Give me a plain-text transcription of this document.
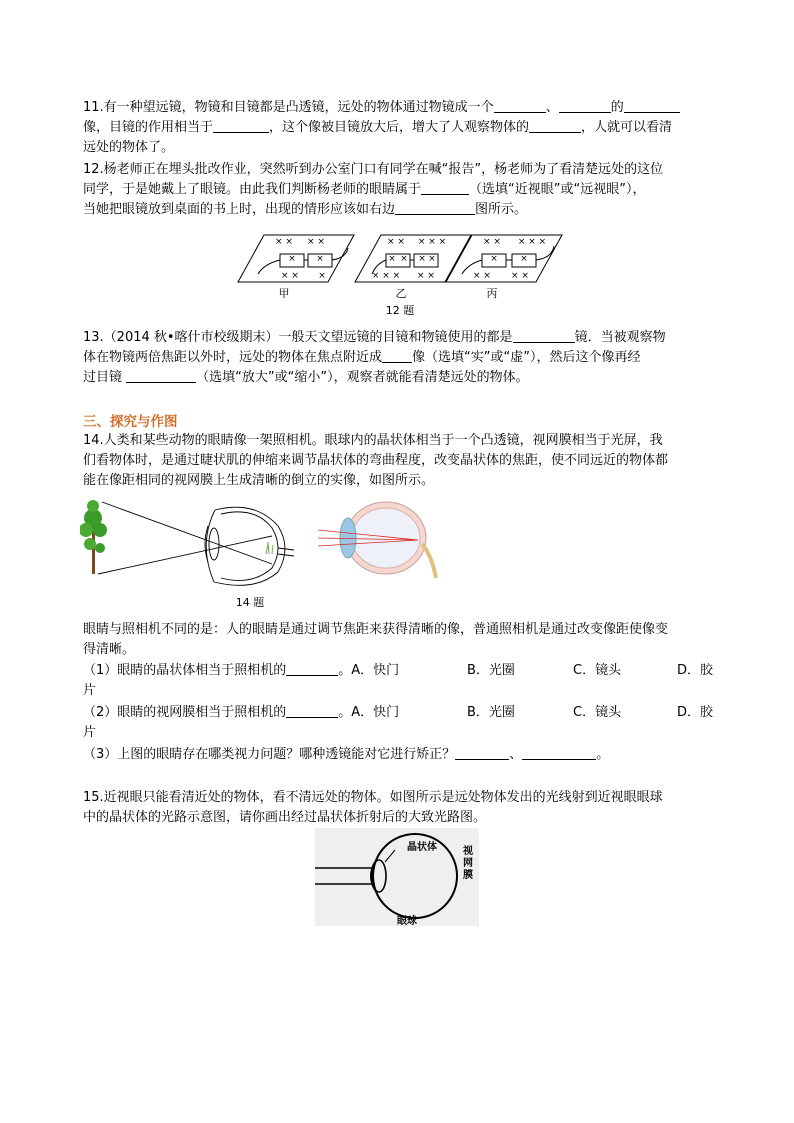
11.有一种望远镜，物镜和目镜都是凸透镜，远处的物体通过物镜成一个	、	的
像，目镜的作用相当于	，这个像被目镜放大后，增大了人观察物体的	，人就可以看清
远处的物体了。
12.杨老师正在埋头批改作业，突然听到办公室门口有同学在喊“报告”，杨老师为了看清楚远处的这位
同学，于是她戴上了眼镜。由此我们判断杨老师的眼睛属于	（选填“近视眼”或“远视眼”），
当她把眼镜放到桌面的书上时，出现的情形应该如右边	图所示。
× × × ×
× ×
× × ×
× × × × ×
× × × ×
× × × × ×
× × × × ×
× ×
× × × ×
甲	乙	丙
12 题
13.（2014 秋•喀什市校级期末）一般天文望远镜的目镜和物镜使用的都是	镜．当被观察物
体在物镜两倍焦距以外时，远处的物体在焦点附近成 像（选填“实”或“虚”），然后这个像再经
过目镜	（选填“放大”或“缩小”），观察者就能看清楚远处的物体。
三、探究与作图
14.人类和某些动物的眼睛像一架照相机。眼球内的晶状体相当于一个凸透镜，视网膜相当于光屏，我
们看物体时，是通过睫状肌的伸缩来调节晶状体的弯曲程度，改变晶状体的焦距，使不同远近的物体都
能在像距相同的视网膜上生成清晰的倒立的实像，如图所示。
14 题
眼睛与照相机不同的是：人的眼睛是通过调节焦距来获得清晰的像，普通照相机是通过改变像距使像变
得清晰。
（1）眼睛的晶状体相当于照相机的	。A．快门	B．光圈	C．镜头	D．胶
片
（2）眼睛的视网膜相当于照相机的	。A．快门	B．光圈	C．镜头	D．胶
片
（3）上图的眼睛存在哪类视力问题？哪种透镜能对它进行矫正？	、	。
15.近视眼只能看清近处的物体，看不清远处的物体。如图所示是远处物体发出的光线射到近视眼眼球
中的晶状体的光路示意图，请你画出经过晶状体折射后的大致光路图。
晶状体	视
网
膜
眼球
